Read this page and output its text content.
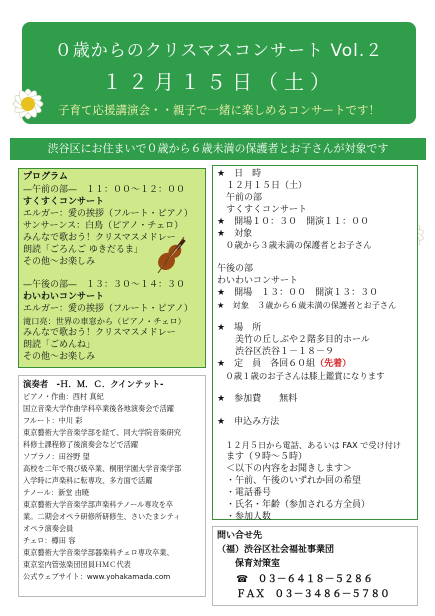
０歳からのクリスマスコンサート Vol.２
１２月１５日（土）
子育て応援講演会・・親子で一緒に楽しめるコンサートです！
渋谷区にお住まいで０歳から６歳未満の保護者とお子さんが対象です
プログラム
—午前の部—　１１：００～１２：００
すくすくコンサート
エルガー：愛の挨拶（フルート・ピアノ）
サンサーンス：白鳥（ピアノ・チェロ）
みんなで歌おう！クリスマスメドレー
朗読「ごろんご ゆきだるま」
その他～お楽しみ
—午後の部—　１３：３０～１４：３０
わいわいコンサート
エルガー：愛の挨拶（フルート・ピアノ）
滝口亮：世界の車窓から（ピアノ・チェロ）
みんなで歌おう！クリスマスメドレー
朗読「ごめんね」
その他～お楽しみ
演奏者　-Ｈ．Ｍ．Ｃ．クインテット-
ピアノ・作曲：西村 真紀
国立音楽大学作曲学科卒業後各地演奏会で活躍
フルート：中川 彩
東京藝術大学音楽学部を経て、同大学院音楽研究
科修士課程修了後演奏会などで活躍
ソプラノ：田谷野 望
高校を二年で飛び級卒業、桐朋学園大学音楽学部
入学時に声楽科に転専攻、多方面で活躍
テノール：新堂 由暁
東京藝術大学音楽学部声楽科テノール専攻を卒
業。二期会オペラ研修所研修生、さいたまシティ
オペラ演奏会員
チェロ：樽田 容
東京藝術大学音楽学部器楽科チェロ専攻卒業、
東京室内管弦楽団団員ＨＭＣ代表
公式ウェブサイト：www.yohakamada.com
★　日　時
　１２月１５日（土）
　午前の部
　すくすくコンサート
★　開場１０：３０　開演１１：００
★　対象
　０歳から３歳未満の保護者とお子さん
午後の部
わいわいコンサート
★　開場　１３：００　開演１３：３０
★　対象　３歳から６歳未満の保護者とお子さん
★　場　所
　　美竹の丘しぶや２階多目的ホール
　　渋谷区渋谷１－１８－９
★　定　員　各回６０組（先着）
　０歳１歳のお子さんは膝上鑑賞になります
★　参加費　　無料
★　申込み方法
　１２月５日から電話、あるいは FAX で受け付け
　ます（９時～５時）
　＜以下の内容をお聞きします＞
　・午前、午後のいずれか回の希望
　・電話番号
　・氏名・年齢（参加される方全員）
　・参加人数
問い合せ先
（福）渋谷区社会福祉事業団
　　保育対策室
　　☎　０３－６４１８－５２８６
　　ＦＡＸ　０３－３４８６－５７８０
